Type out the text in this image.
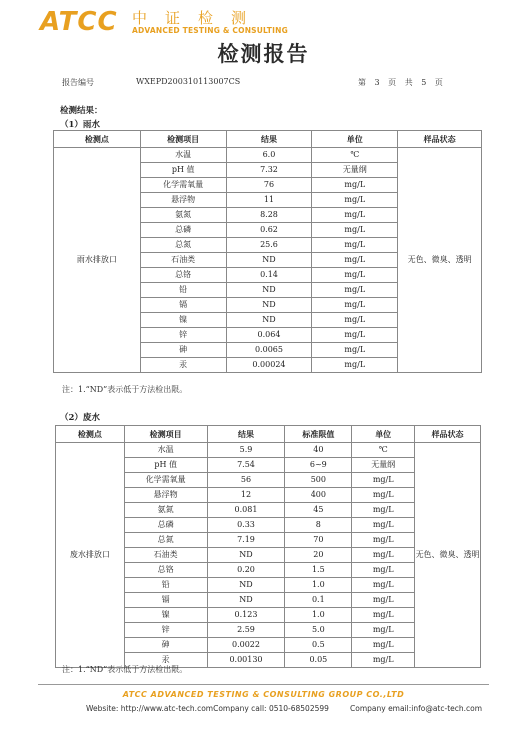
ATCC 中证检测
ADVANCED TESTING & CONSULTING
检测报告
报告编号	WXEPD200310113007CS	第 3 页 共 5 页
检测结果：
（1）雨水
检测点	检测项目	结果	单位	样品状态
雨水排放口	水温	6.0	℃	无色、微臭、透明
	pH 值	7.32	无量纲	
	化学需氧量	76	mg/L	
	悬浮物	11	mg/L	
	氨氮	8.28	mg/L	
	总磷	0.62	mg/L	
	总氮	25.6	mg/L	
	石油类	ND	mg/L	
	总铬	0.14	mg/L	
	铅	ND	mg/L	
	镉	ND	mg/L	
	镍	ND	mg/L	
	锌	0.064	mg/L	
	砷	0.0065	mg/L	
	汞	0.00024	mg/L	
注：1.“ND”表示低于方法检出限。
（2）废水
检测点	检测项目	结果	标准限值	单位	样品状态
废水排放口	水温	5.9	40	℃	无色、微臭、透明
	pH 值	7.54	6~9	无量纲	
	化学需氧量	56	500	mg/L	
	悬浮物	12	400	mg/L	
	氨氮	0.081	45	mg/L	
	总磷	0.33	8	mg/L	
	总氮	7.19	70	mg/L	
	石油类	ND	20	mg/L	
	总铬	0.20	1.5	mg/L	
	铅	ND	1.0	mg/L	
	镉	ND	0.1	mg/L	
	镍	0.123	1.0	mg/L	
	锌	2.59	5.0	mg/L	
	砷	0.0022	0.5	mg/L	
	汞	0.00130	0.05	mg/L	
注：1.“ND”表示低于方法检出限。
ATCC ADVANCED TESTING & CONSULTING GROUP CO.,LTD
Website: http://www.atc-tech.comCompany call: 0510-68502599	Company email:info@atc-tech.com
